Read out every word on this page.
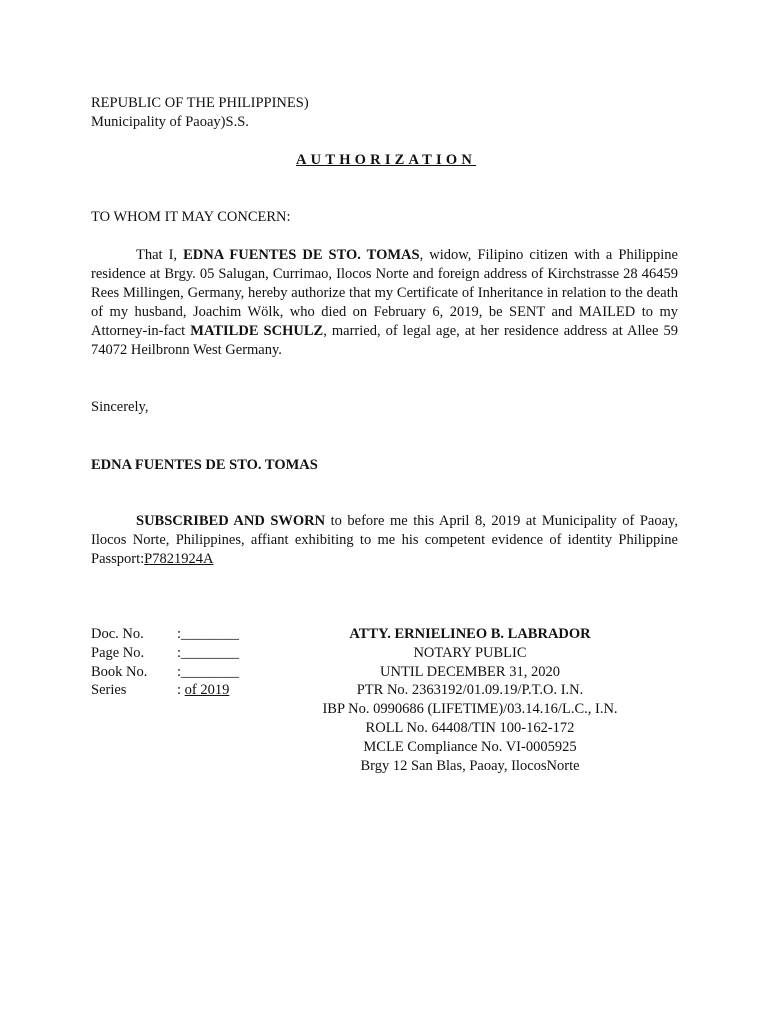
REPUBLIC OF THE PHILIPPINES)
Municipality of Paoay)S.S.
AUTHORIZATION
TO WHOM IT MAY CONCERN:
That I, EDNA FUENTES DE STO. TOMAS, widow, Filipino citizen with a Philippine residence at Brgy. 05 Salugan, Currimao, Ilocos Norte and foreign address of Kirchstrasse 28 46459 Rees Millingen, Germany, hereby authorize that my Certificate of Inheritance in relation to the death of my husband, Joachim Wölk, who died on February 6, 2019, be SENT and MAILED to my Attorney-in-fact MATILDE SCHULZ, married, of legal age, at her residence address at Allee 59 74072 Heilbronn West Germany.
Sincerely,
EDNA FUENTES DE STO. TOMAS
SUBSCRIBED AND SWORN to before me this April 8, 2019 at Municipality of Paoay, Ilocos Norte, Philippines, affiant exhibiting to me his competent evidence of identity Philippine Passport:P7821924A
Doc. No. :________
Page No. :________
Book No. :________
Series	: of 2019
ATTY. ERNIELINEO B. LABRADOR
NOTARY PUBLIC
UNTIL DECEMBER 31, 2020
PTR No. 2363192/01.09.19/P.T.O. I.N.
IBP No. 0990686 (LIFETIME)/03.14.16/L.C., I.N.
ROLL No. 64408/TIN 100-162-172
MCLE Compliance No. VI-0005925
Brgy 12 San Blas, Paoay, IlocosNorte
